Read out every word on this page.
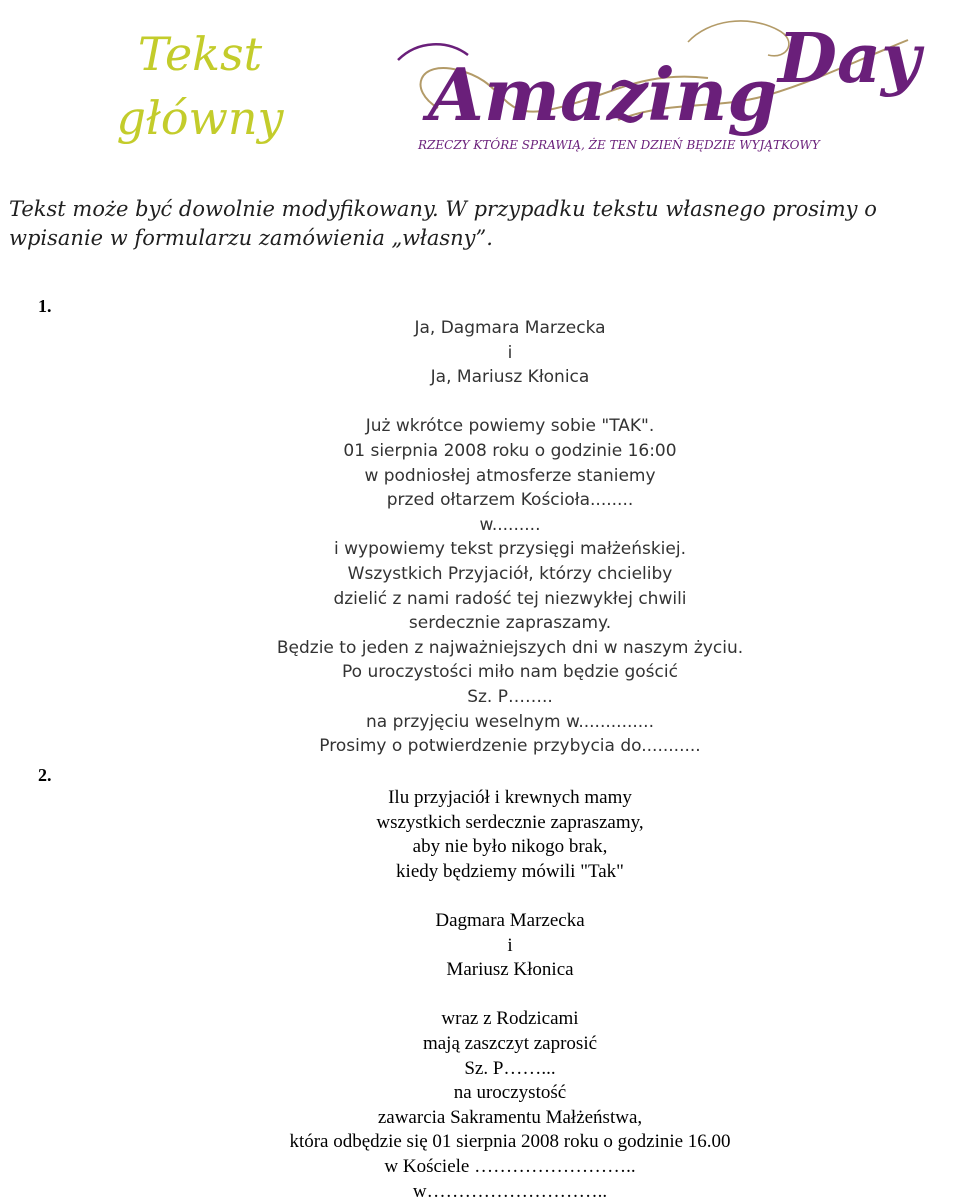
Tekst
główny Amazing Day
RZECZY KTÓRE SPRAWIĄ, ŻE TEN DZIEŃ BĘDZIE WYJĄTKOWY
Tekst może być dowolnie modyfikowany. W przypadku tekstu własnego prosimy o wpisanie w formularzu zamówienia „własny”.
1.
Ja, Dagmara Marzecka
i
Ja, Mariusz Kłonica
Już wkrótce powiemy sobie "TAK".
01 sierpnia 2008 roku o godzinie 16:00
w podniosłej atmosferze staniemy
przed ołtarzem Kościoła........
w.........
i wypowiemy tekst przysięgi małżeńskiej.
Wszystkich Przyjaciół, którzy chcieliby
dzielić z nami radość tej niezwykłej chwili
serdecznie zapraszamy.
Będzie to jeden z najważniejszych dni w naszym życiu.
Po uroczystości miło nam będzie gościć
Sz. P……..
na przyjęciu weselnym w..............
Prosimy o potwierdzenie przybycia do...........
2.
Ilu przyjaciół i krewnych mamy
wszystkich serdecznie zapraszamy,
aby nie było nikogo brak,
kiedy będziemy mówili "Tak"
Dagmara Marzecka
i
Mariusz Kłonica
wraz z Rodzicami
mają zaszczyt zaprosić
Sz. P……...
na uroczystość
zawarcia Sakramentu Małżeństwa,
która odbędzie się 01 sierpnia 2008 roku o godzinie 16.00
w Kościele ……………………..
w………………………..
